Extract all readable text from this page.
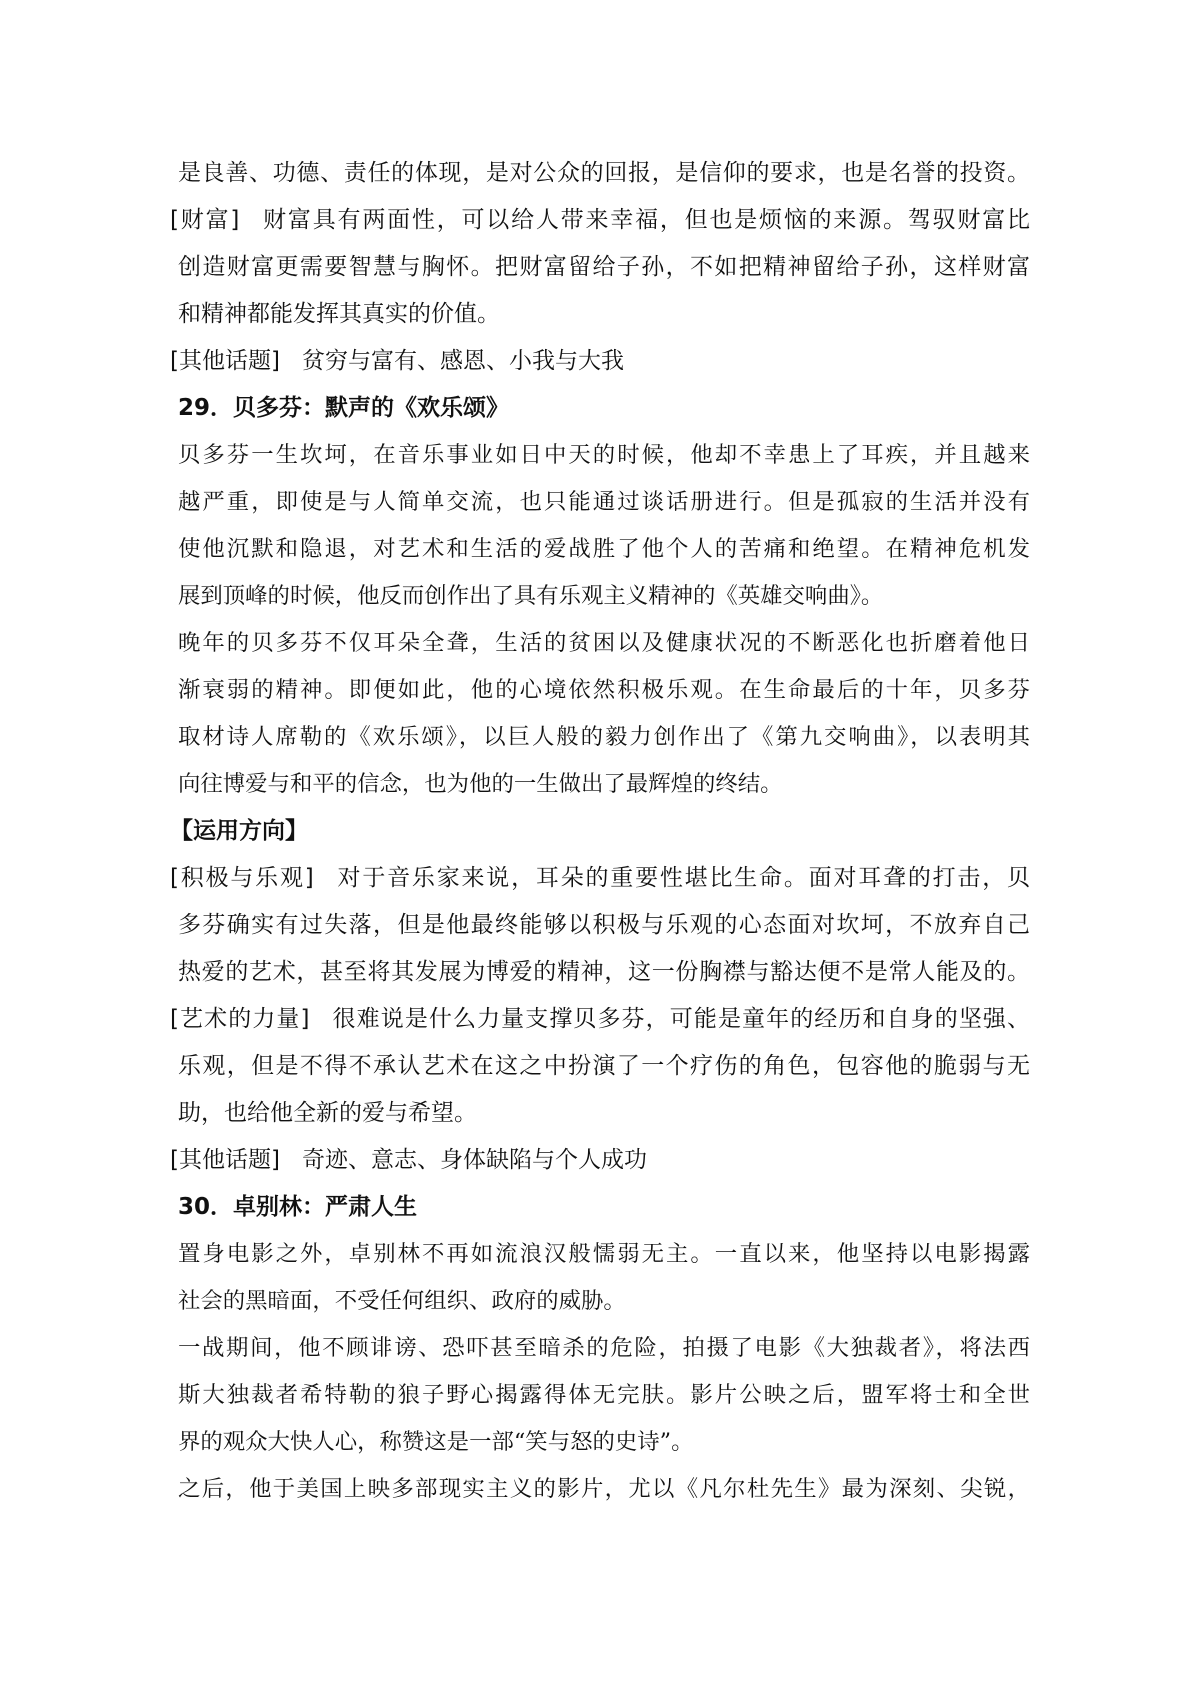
是良善、功德、责任的体现，是对公众的回报，是信仰的要求，也是名誉的投资。
[财富] 财富具有两面性，可以给人带来幸福，但也是烦恼的来源。驾驭财富比
创造财富更需要智慧与胸怀。把财富留给子孙，不如把精神留给子孙，这样财富
和精神都能发挥其真实的价值。
[其他话题] 贫穷与富有、感恩、小我与大我
29．贝多芬：默声的《欢乐颂》
贝多芬一生坎坷，在音乐事业如日中天的时候，他却不幸患上了耳疾，并且越来
越严重，即使是与人简单交流，也只能通过谈话册进行。但是孤寂的生活并没有
使他沉默和隐退，对艺术和生活的爱战胜了他个人的苦痛和绝望。在精神危机发
展到顶峰的时候，他反而创作出了具有乐观主义精神的《英雄交响曲》。
晚年的贝多芬不仅耳朵全聋，生活的贫困以及健康状况的不断恶化也折磨着他日
渐衰弱的精神。即便如此，他的心境依然积极乐观。在生命最后的十年，贝多芬
取材诗人席勒的《欢乐颂》，以巨人般的毅力创作出了《第九交响曲》，以表明其
向往博爱与和平的信念，也为他的一生做出了最辉煌的终结。
【运用方向】
[积极与乐观] 对于音乐家来说，耳朵的重要性堪比生命。面对耳聋的打击，贝
多芬确实有过失落，但是他最终能够以积极与乐观的心态面对坎坷，不放弃自己
热爱的艺术，甚至将其发展为博爱的精神，这一份胸襟与豁达便不是常人能及的。
[艺术的力量] 很难说是什么力量支撑贝多芬，可能是童年的经历和自身的坚强、
乐观，但是不得不承认艺术在这之中扮演了一个疗伤的角色，包容他的脆弱与无
助，也给他全新的爱与希望。
[其他话题] 奇迹、意志、身体缺陷与个人成功
30．卓别林：严肃人生
置身电影之外，卓别林不再如流浪汉般懦弱无主。一直以来，他坚持以电影揭露
社会的黑暗面，不受任何组织、政府的威胁。
一战期间，他不顾诽谤、恐吓甚至暗杀的危险，拍摄了电影《大独裁者》，将法西
斯大独裁者希特勒的狼子野心揭露得体无完肤。影片公映之后，盟军将士和全世
界的观众大快人心，称赞这是一部“笑与怒的史诗”。
之后，他于美国上映多部现实主义的影片，尤以《凡尔杜先生》最为深刻、尖锐，
